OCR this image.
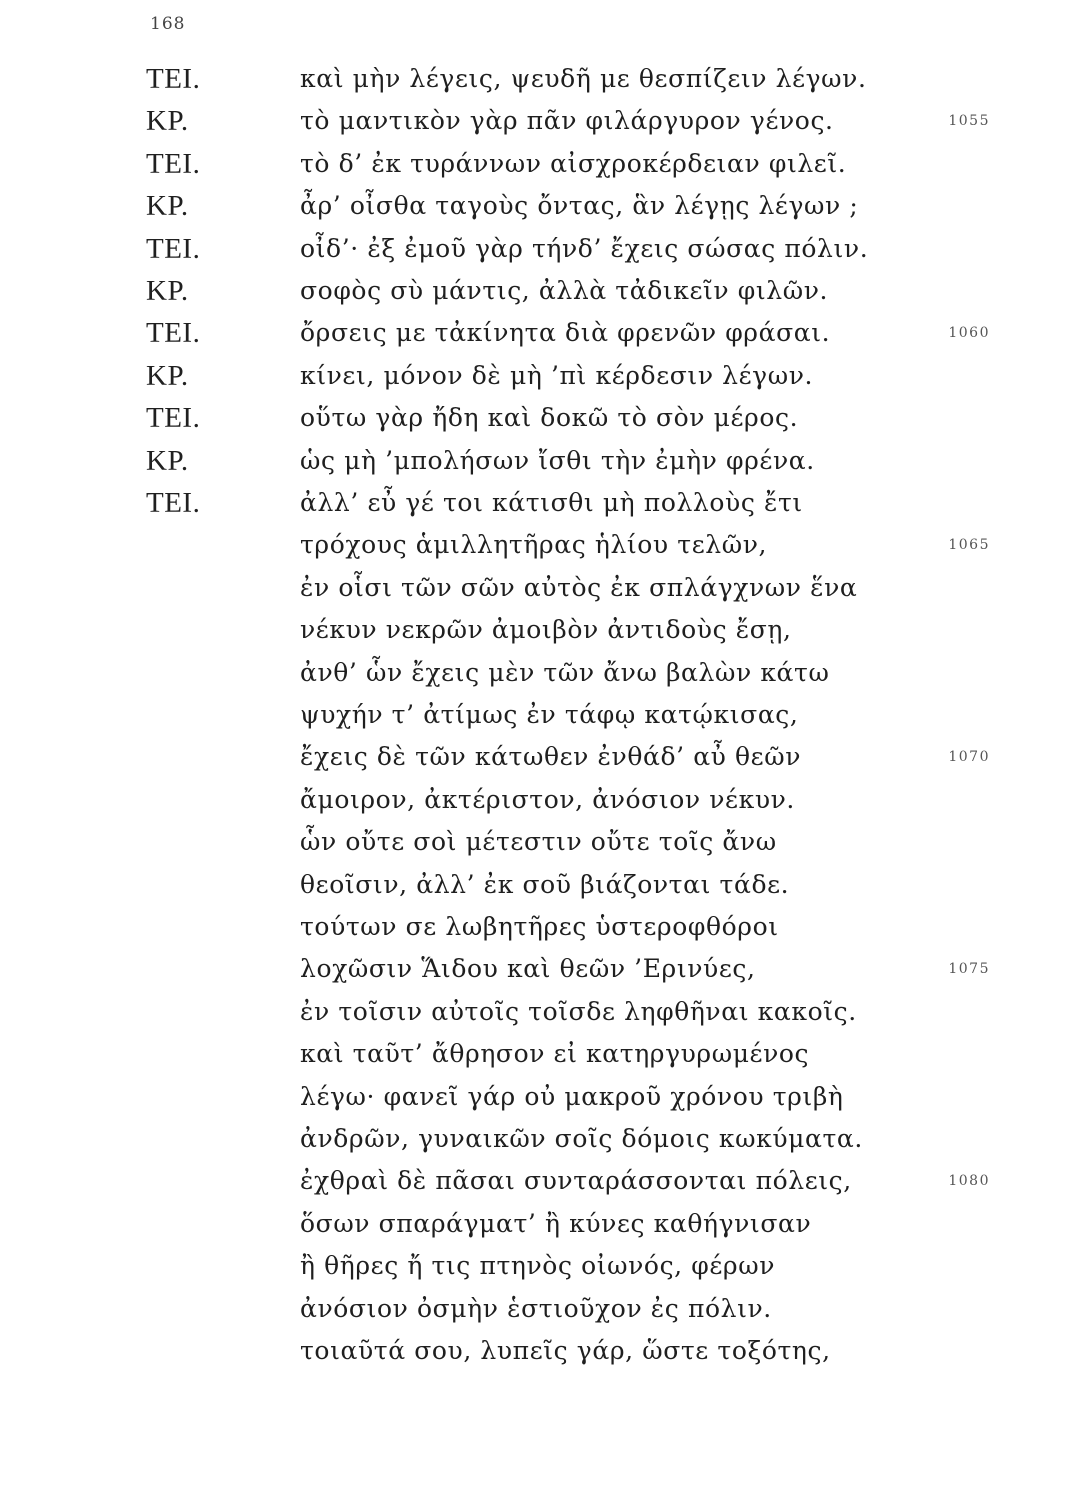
168
ΤΕΙ.	καὶ μὴν λέγεις, ψευδῆ με θεσπίζειν λέγων.
ΚΡ.	τὸ μαντικὸν γὰρ πᾶν φιλάργυρον γένος.	1055
ΤΕΙ.	τὸ δ’ ἐκ τυράννων αἰσχροκέρδειαν φιλεῖ.
ΚΡ.	ἆρ’ οἶσθα ταγοὺς ὄντας, ἃν λέγῃς λέγων ;
ΤΕΙ.	οἶδ’· ἐξ ἐμοῦ γὰρ τήνδ’ ἔχεις σώσας πόλιν.
ΚΡ.	σοφὸς σὺ μάντις, ἀλλὰ τἀδικεῖν φιλῶν.
ΤΕΙ.	ὄρσεις με τἀκίνητα διὰ φρενῶν φράσαι.	1060
ΚΡ.	κίνει, μόνον δὲ μὴ ’πὶ κέρδεσιν λέγων.
ΤΕΙ.	οὕτω γὰρ ἤδη καὶ δοκῶ τὸ σὸν μέρος.
ΚΡ.	ὡς μὴ ’μπολήσων ἴσθι τὴν ἐμὴν φρένα.
ΤΕΙ.	ἀλλ’ εὖ γέ τοι κάτισθι μὴ πολλοὺς ἔτι
τρόχους ἁμιλλητῆρας ἡλίου τελῶν,	1065
ἐν οἷσι τῶν σῶν αὐτὸς ἐκ σπλάγχνων ἕνα
νέκυν νεκρῶν ἀμοιβὸν ἀντιδοὺς ἔσῃ,
ἀνθ’ ὧν ἔχεις μὲν τῶν ἄνω βαλὼν κάτω
ψυχήν τ’ ἀτίμως ἐν τάφῳ κατῴκισας,
ἔχεις δὲ τῶν κάτωθεν ἐνθάδ’ αὖ θεῶν	1070
ἄμοιρον, ἀκτέριστον, ἀνόσιον νέκυν.
ὧν οὔτε σοὶ μέτεστιν οὔτε τοῖς ἄνω
θεοῖσιν, ἀλλ’ ἐκ σοῦ βιάζονται τάδε.
τούτων σε λωβητῆρες ὑστεροφθόροι
λοχῶσιν Ἅιδου καὶ θεῶν ’Ερινύες,	1075
ἐν τοῖσιν αὐτοῖς τοῖσδε ληφθῆναι κακοῖς.
καὶ ταῦτ’ ἄθρησον εἰ κατηργυρωμένος
λέγω· φανεῖ γάρ οὐ μακροῦ χρόνου τριβὴ
ἀνδρῶν, γυναικῶν σοῖς δόμοις κωκύματα.
ἐχθραὶ δὲ πᾶσαι συνταράσσονται πόλεις,	1080
ὅσων σπαράγματ’ ἢ κύνες καθήγνισαν
ἢ θῆρες ἤ τις πτηνὸς οἰωνός, φέρων
ἀνόσιον ὀσμὴν ἑστιοῦχον ἐς πόλιν.
τοιαῦτά σου, λυπεῖς γάρ, ὥστε τοξότης,
